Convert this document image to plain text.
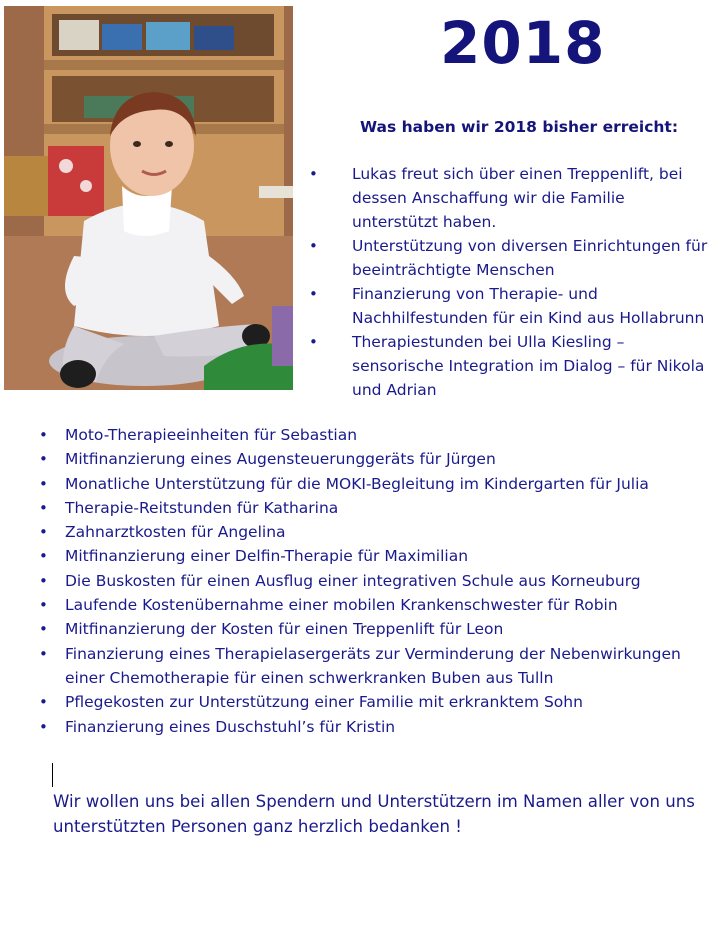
2018
Was haben wir 2018 bisher erreicht:
• Lukas freut sich über einen Treppenlift, bei dessen Anschaffung wir die Familie unterstützt haben.
• Unterstützung von diversen Einrichtungen für beeinträchtigte Menschen
• Finanzierung von Therapie- und Nachhilfestunden für ein Kind aus Hollabrunn
• Therapiestunden bei Ulla Kiesling – sensorische Integration im Dialog – für Nikola und Adrian
• Moto-Therapieeinheiten für Sebastian
• Mitfinanzierung eines Augensteuerunggeräts für Jürgen
• Monatliche Unterstützung für die MOKI-Begleitung im Kindergarten für Julia
• Therapie-Reitstunden für Katharina
• Zahnarztkosten für Angelina
• Mitfinanzierung einer Delfin-Therapie für Maximilian
• Die Buskosten für einen Ausflug einer integrativen Schule aus Korneuburg
• Laufende Kostenübernahme einer mobilen Krankenschwester für Robin
• Mitfinanzierung der Kosten für einen Treppenlift für Leon
• Finanzierung eines Therapielasergeräts zur Verminderung der Nebenwirkungen einer Chemotherapie für einen schwerkranken Buben aus Tulln
• Pflegekosten zur Unterstützung einer Familie mit erkranktem Sohn
• Finanzierung eines Duschstuhl’s für Kristin
Wir wollen uns bei allen Spendern und Unterstützern im Namen aller von uns unterstützten Personen ganz herzlich bedanken !
